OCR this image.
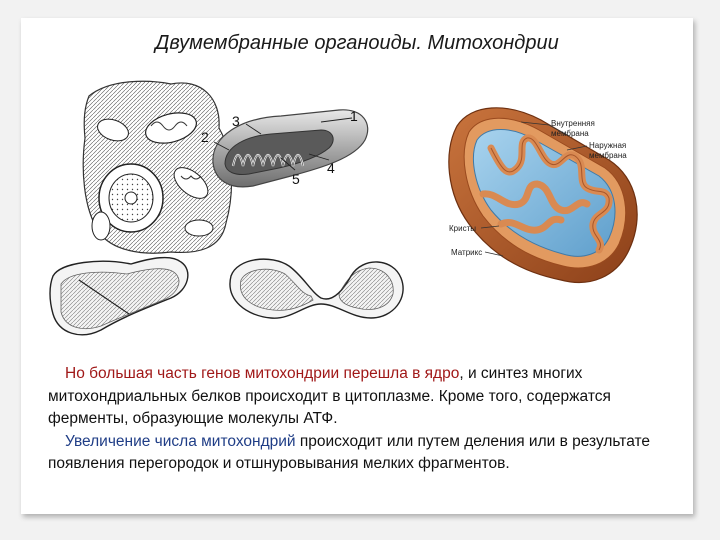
Двумембранные органоиды. Митохондрии
1
2
3
4
5
Внутренняя
мембрана
Наружная
мембрана
Кристы
Матрикс

Но большая часть генов митохондрии перешла в ядро, и синтез многих митохондриальных белков происходит в цитоплазме. Кроме того, содержатся ферменты, образующие молекулы АТФ.

Увеличение числа митохондрий происходит или путем деления или в результате появления перегородок и отшнуровывания мелких фрагментов.
